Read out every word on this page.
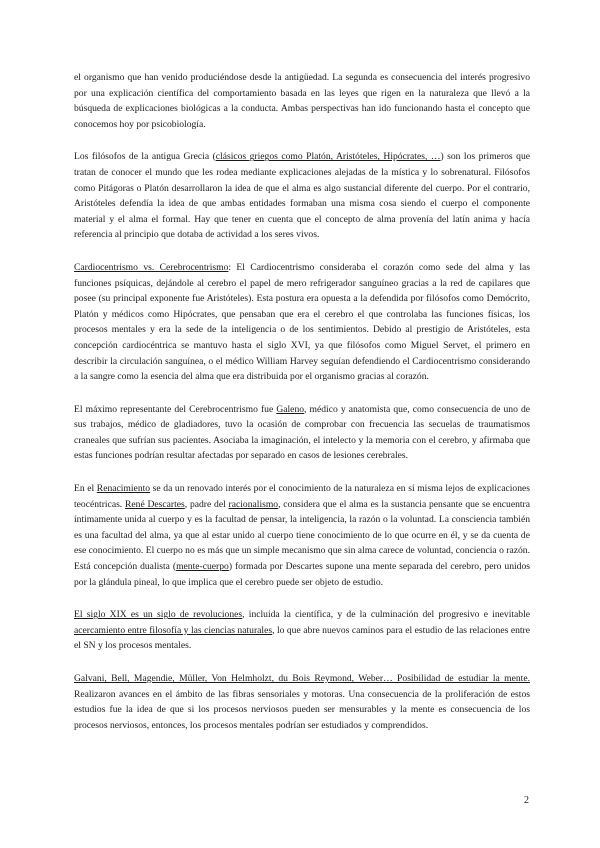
el organismo que han venido produciéndose desde la antigüedad. La segunda es consecuencia del interés progresivo por una explicación científica del comportamiento basada en las leyes que rigen en la naturaleza que llevó a la búsqueda de explicaciones biológicas a la conducta. Ambas perspectivas han ido funcionando hasta el concepto que conocemos hoy por psicobiología.

Los filósofos de la antigua Grecia (clásicos griegos como Platón, Aristóteles, Hipócrates, …) son los primeros que tratan de conocer el mundo que les rodea mediante explicaciones alejadas de la mística y lo sobrenatural. Filósofos como Pitágoras o Platón desarrollaron la idea de que el alma es algo sustancial diferente del cuerpo. Por el contrario, Aristóteles defendía la idea de que ambas entidades formaban una misma cosa siendo el cuerpo el componente material y el alma el formal. Hay que tener en cuenta que el concepto de alma provenía del latín anima y hacía referencia al principio que dotaba de actividad a los seres vivos.

Cardiocentrismo vs. Cerebrocentrismo: El Cardiocentrismo consideraba el corazón como sede del alma y las funciones psíquicas, dejándole al cerebro el papel de mero refrigerador sanguíneo gracias a la red de capilares que posee (su principal exponente fue Aristóteles). Esta postura era opuesta a la defendida por filósofos como Demócrito, Platón y médicos como Hipócrates, que pensaban que era el cerebro el que controlaba las funciones físicas, los procesos mentales y era la sede de la inteligencia o de los sentimientos. Debido al prestigio de Aristóteles, esta concepción cardiocéntrica se mantuvo hasta el siglo XVI, ya que filósofos como Miguel Servet, el primero en describir la circulación sanguínea, o el médico William Harvey seguían defendiendo el Cardiocentrismo considerando a la sangre como la esencia del alma que era distribuida por el organismo gracias al corazón.

El máximo representante del Cerebrocentrismo fue Galeno, médico y anatomista que, como consecuencia de uno de sus trabajos, médico de gladiadores, tuvo la ocasión de comprobar con frecuencia las secuelas de traumatismos craneales que sufrían sus pacientes. Asociaba la imaginación, el intelecto y la memoria con el cerebro, y afirmaba que estas funciones podrían resultar afectadas por separado en casos de lesiones cerebrales.

En el Renacimiento se da un renovado interés por el conocimiento de la naturaleza en sí misma lejos de explicaciones teocéntricas. René Descartes, padre del racionalismo, considera que el alma es la sustancia pensante que se encuentra íntimamente unida al cuerpo y es la facultad de pensar, la inteligencia, la razón o la voluntad. La consciencia también es una facultad del alma, ya que al estar unido al cuerpo tiene conocimiento de lo que ocurre en él, y se da cuenta de ese conocimiento. El cuerpo no es más que un simple mecanismo que sin alma carece de voluntad, conciencia o razón. Está concepción dualista (mente-cuerpo) formada por Descartes supone una mente separada del cerebro, pero unidos por la glándula pineal, lo que implica que el cerebro puede ser objeto de estudio.

El siglo XIX es un siglo de revoluciones, incluida la científica, y de la culminación del progresivo e inevitable acercamiento entre filosofía y las ciencias naturales, lo que abre nuevos caminos para el estudio de las relaciones entre el SN y los procesos mentales.

Galvani, Bell, Magendie, Müller, Von Helmholzt, du Bois Reymond, Weber… Posibilidad de estudiar la mente. Realizaron avances en el ámbito de las fibras sensoriales y motoras. Una consecuencia de la proliferación de estos estudios fue la idea de que si los procesos nerviosos pueden ser mensurables y la mente es consecuencia de los procesos nerviosos, entonces, los procesos mentales podrían ser estudiados y comprendidos.

2
